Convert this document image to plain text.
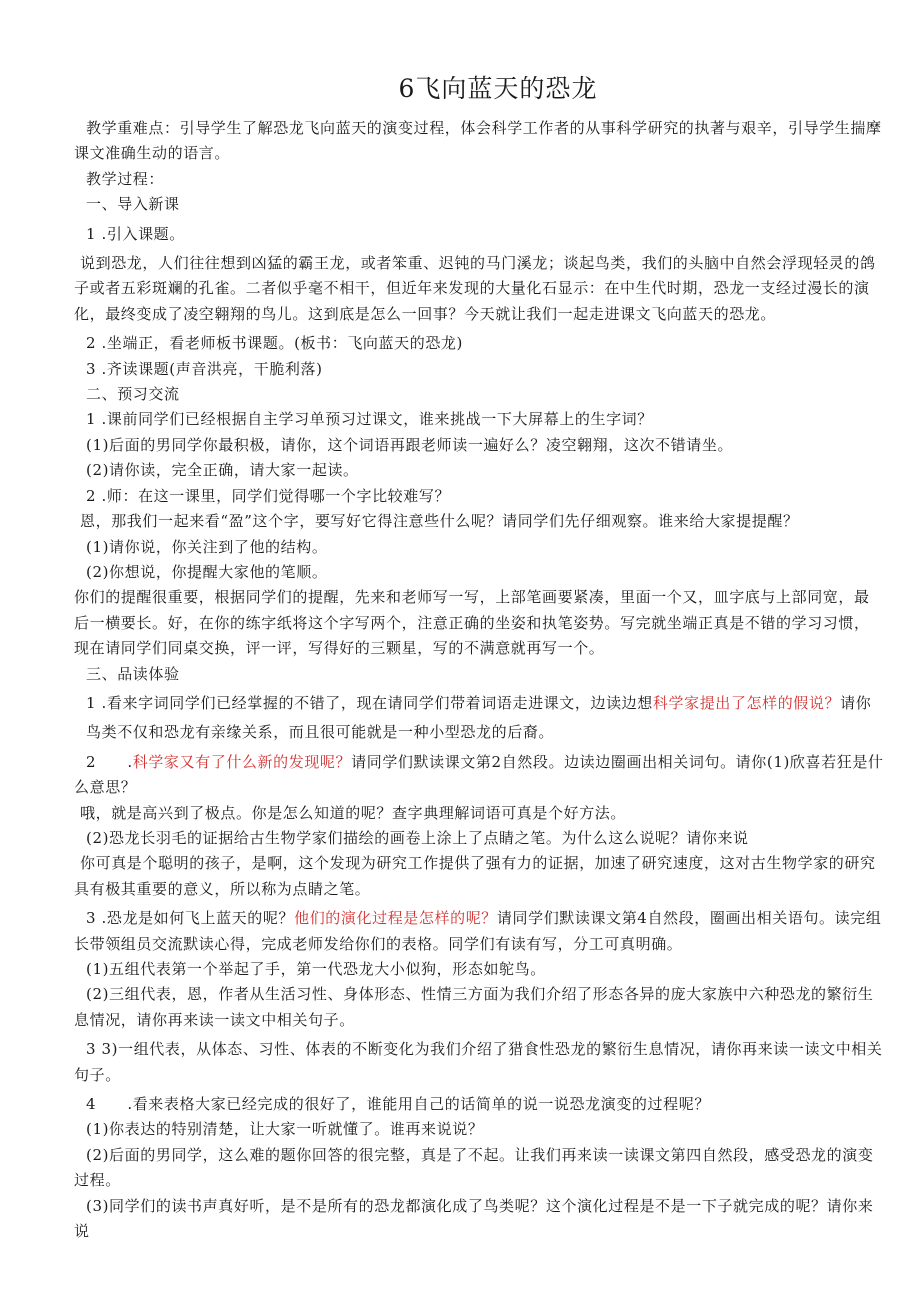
6飞向蓝天的恐龙

教学重难点：引导学生了解恐龙飞向蓝天的演变过程，体会科学工作者的从事科学研究的执著与艰辛，引导学生揣摩课文准确生动的语言。

教学过程：

一、导入新课

1 .引入课题。

说到恐龙，人们往往想到凶猛的霸王龙，或者笨重、迟钝的马门溪龙；谈起鸟类，我们的头脑中自然会浮现轻灵的鸽子或者五彩斑斓的孔雀。二者似乎毫不相干，但近年来发现的大量化石显示：在中生代时期，恐龙一支经过漫长的演化，最终变成了凌空翱翔的鸟儿。这到底是怎么一回事？今天就让我们一起走进课文飞向蓝天的恐龙。

2 .坐端正，看老师板书课题。(板书：飞向蓝天的恐龙)

3 .齐读课题(声音洪亮，干脆利落)

二、预习交流

1 .课前同学们已经根据自主学习单预习过课文，谁来挑战一下大屏幕上的生字词？

(1)后面的男同学你最积极，请你，这个词语再跟老师读一遍好么？凌空翱翔，这次不错请坐。

(2)请你读，完全正确，请大家一起读。

2 .师：在这一课里，同学们觉得哪一个字比较难写？

恩，那我们一起来看“盈”这个字，要写好它得注意些什么呢？请同学们先仔细观察。谁来给大家提提醒？

(1)请你说，你关注到了他的结构。

(2)你想说，你提醒大家他的笔顺。

你们的提醒很重要，根据同学们的提醒，先来和老师写一写，上部笔画要紧凑，里面一个又，皿字底与上部同宽，最后一横要长。好，在你的练字纸将这个字写两个，注意正确的坐姿和执笔姿势。写完就坐端正真是不错的学习习惯，现在请同学们同桌交换，评一评，写得好的三颗星，写的不满意就再写一个。

三、品读体验

1 .看来字词同学们已经掌握的不错了，现在请同学们带着词语走进课文，边读边想科学家提出了怎样的假说？请你

鸟类不仅和恐龙有亲缘关系，而且很可能就是一种小型恐龙的后裔。

2　　.科学家又有了什么新的发现呢？请同学们默读课文第2自然段。边读边圈画出相关词句。请你(1)欣喜若狂是什么意思？

哦，就是高兴到了极点。你是怎么知道的呢？查字典理解词语可真是个好方法。

(2)恐龙长羽毛的证据给古生物学家们描绘的画卷上涂上了点睛之笔。为什么这么说呢？请你来说

你可真是个聪明的孩子，是啊，这个发现为研究工作提供了强有力的证据，加速了研究速度，这对古生物学家的研究具有极其重要的意义，所以称为点睛之笔。

3 .恐龙是如何飞上蓝天的呢？他们的演化过程是怎样的呢？请同学们默读课文第4自然段，圈画出相关语句。读完组长带领组员交流默读心得，完成老师发给你们的表格。同学们有读有写，分工可真明确。

(1)五组代表第一个举起了手，第一代恐龙大小似狗，形态如鸵鸟。

(2)三组代表，恩，作者从生活习性、身体形态、性情三方面为我们介绍了形态各异的庞大家族中六种恐龙的繁衍生息情况，请你再来读一读文中相关句子。

3 3)一组代表，从体态、习性、体表的不断变化为我们介绍了猎食性恐龙的繁衍生息情况，请你再来读一读文中相关句子。

4　　.看来表格大家已经完成的很好了，谁能用自己的话简单的说一说恐龙演变的过程呢？

(1)你表达的特别清楚，让大家一听就懂了。谁再来说说？

(2)后面的男同学，这么难的题你回答的很完整，真是了不起。让我们再来读一读课文第四自然段，感受恐龙的演变过程。

(3)同学们的读书声真好听，是不是所有的恐龙都演化成了鸟类呢？这个演化过程是不是一下子就完成的呢？请你来说
